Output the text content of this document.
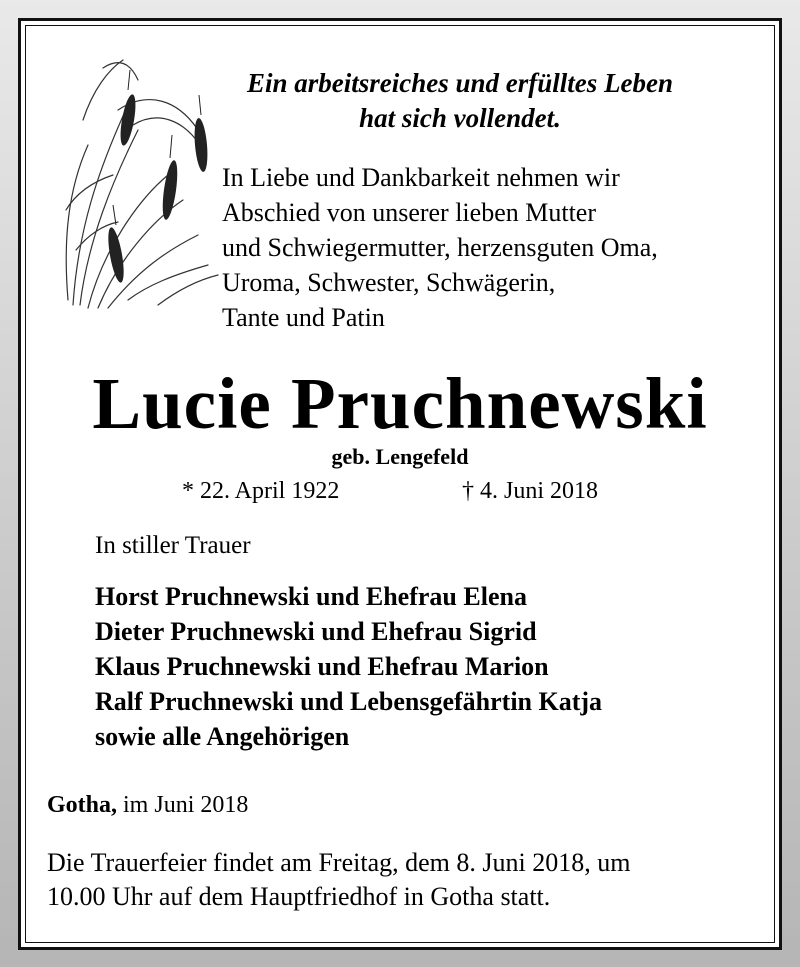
Ein arbeitsreiches und erfülltes Leben
hat sich vollendet.
In Liebe und Dankbarkeit nehmen wir
Abschied von unserer lieben Mutter
und Schwiegermutter, herzensguten Oma,
Uroma, Schwester, Schwägerin,
Tante und Patin
Lucie Pruchnewski
geb. Lengefeld
* 22. April 1922	† 4. Juni 2018
In stiller Trauer
Horst Pruchnewski und Ehefrau Elena
Dieter Pruchnewski und Ehefrau Sigrid
Klaus Pruchnewski und Ehefrau Marion
Ralf Pruchnewski und Lebensgefährtin Katja
sowie alle Angehörigen
Gotha, im Juni 2018
Die Trauerfeier findet am Freitag, dem 8. Juni 2018, um
10.00 Uhr auf dem Hauptfriedhof in Gotha statt.
